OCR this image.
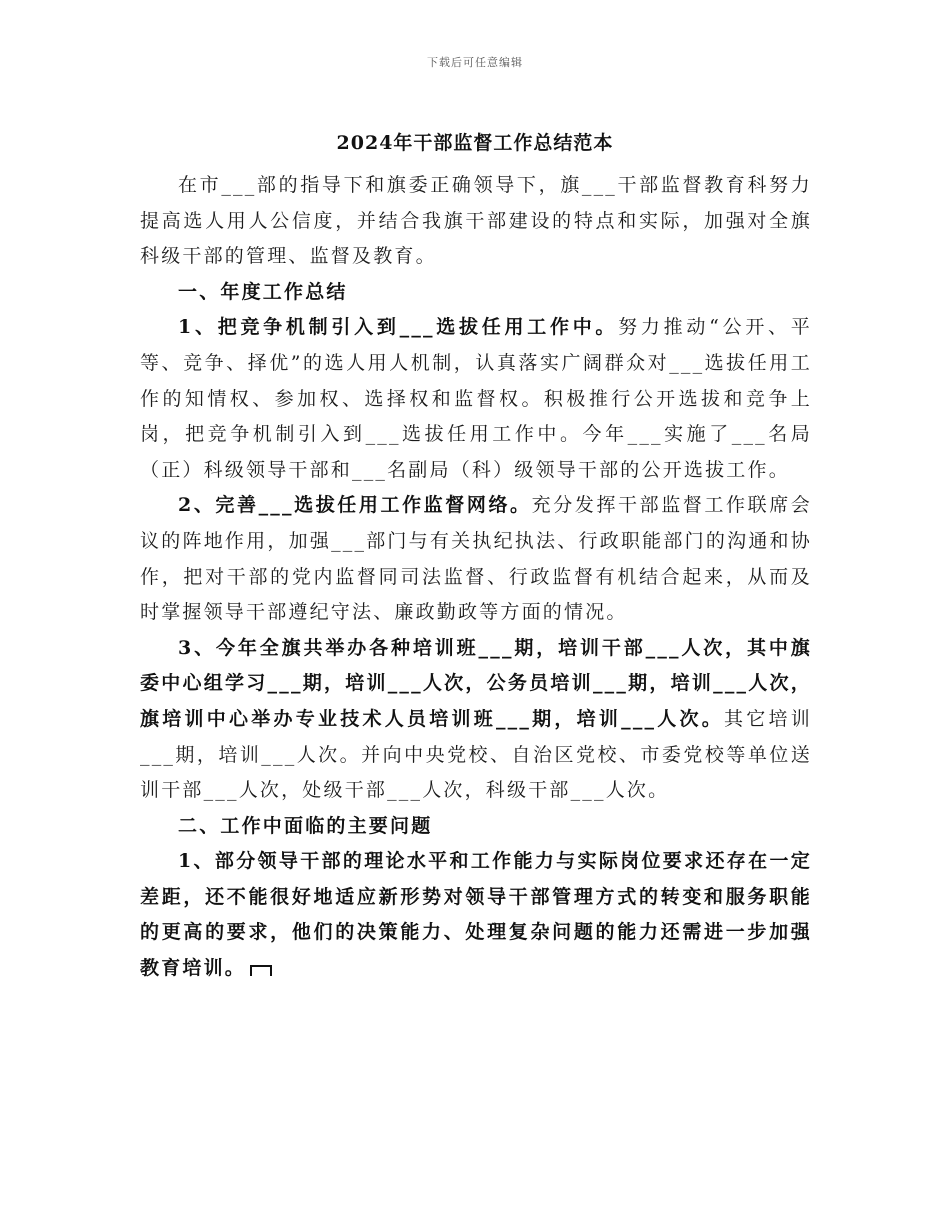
下载后可任意编辑
2024年干部监督工作总结范本

在市___部的指导下和旗委正确领导下，旗___干部监督教育科努力提高选人用人公信度，并结合我旗干部建设的特点和实际，加强对全旗科级干部的管理、监督及教育。

一、年度工作总结

1、把竞争机制引入到___选拔任用工作中。努力推动“公开、平等、竞争、择优”的选人用人机制，认真落实广阔群众对___选拔任用工作的知情权、参加权、选择权和监督权。积极推行公开选拔和竞争上岗，把竞争机制引入到___选拔任用工作中。今年___实施了___名局（正）科级领导干部和___名副局（科）级领导干部的公开选拔工作。

2、完善___选拔任用工作监督网络。充分发挥干部监督工作联席会议的阵地作用，加强___部门与有关执纪执法、行政职能部门的沟通和协作，把对干部的党内监督同司法监督、行政监督有机结合起来，从而及时掌握领导干部遵纪守法、廉政勤政等方面的情况。

3、今年全旗共举办各种培训班___期，培训干部___人次，其中旗委中心组学习___期，培训___人次，公务员培训___期，培训___人次，旗培训中心举办专业技术人员培训班___期，培训___人次。其它培训___期，培训___人次。并向中央党校、自治区党校、市委党校等单位送训干部___人次，处级干部___人次，科级干部___人次。

二、工作中面临的主要问题

1、部分领导干部的理论水平和工作能力与实际岗位要求还存在一定差距，还不能很好地适应新形势对领导干部管理方式的转变和服务职能的更高的要求，他们的决策能力、处理复杂问题的能力还需进一步加强教育培训。
